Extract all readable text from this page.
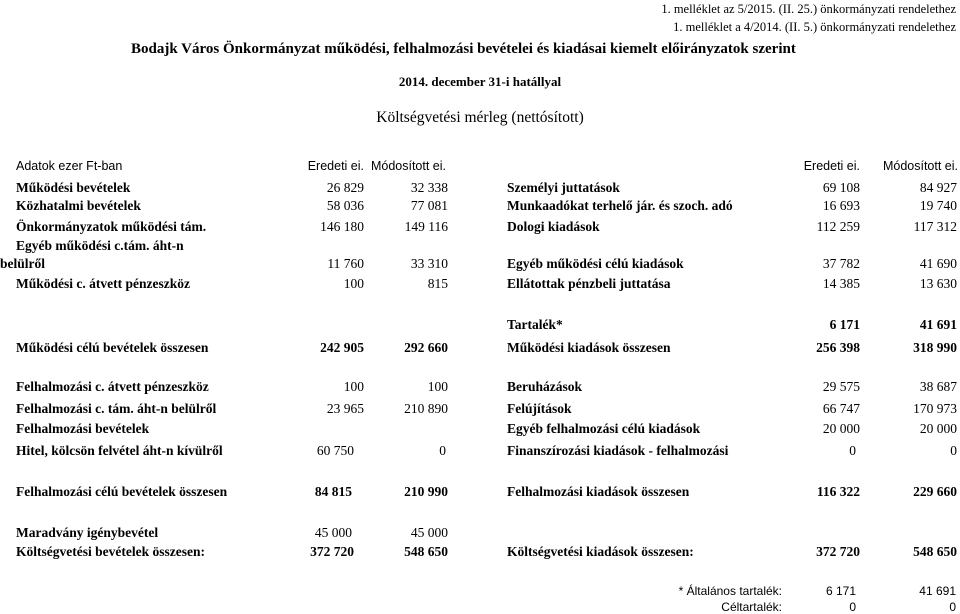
1. melléklet az 5/2015. (II. 25.) önkormányzati rendelethez
1. melléklet a 4/2014. (II. 5.) önkormányzati rendelethez
Bodajk Város Önkormányzat működési, felhalmozási bevételei és kiadásai kiemelt előirányzatok szerint
2014. december 31-i hatállyal
Költségvetési mérleg (nettósított)
Adatok ezer Ft-ban	Eredeti ei. Módosított ei.	Eredeti ei.	Módosított ei.
Működési bevételek	26 829	32 338	Személyi juttatások	69 108	84 927
Közhatalmi bevételek	58 036	77 081	Munkaadókat terhelő jár. és szoch. adó	16 693	19 740
Önkormányzatok működési tám.	146 180	149 116	Dologi kiadások	112 259	117 312
Egyéb működési c.tám. áht-n
belülről	11 760	33 310	Egyéb működési célú kiadások	37 782	41 690
Működési c. átvett pénzeszköz	100	815	Ellátottak pénzbeli juttatása	14 385	13 630
Tartalék*	6 171	41 691
Működési célú bevételek összesen	242 905	292 660	Működési kiadások összesen	256 398	318 990
Felhalmozási c. átvett pénzeszköz	100	100	Beruházások	29 575	38 687
Felhalmozási c. tám. áht-n belülről	23 965	210 890	Felújítások	66 747	170 973
Felhalmozási bevételek	Egyéb felhalmozási célú kiadások	20 000	20 000
Hitel, kölcsön felvétel áht-n kívülről	60 750	0	Finanszírozási kiadások - felhalmozási	0	0
Felhalmozási célú bevételek összesen	84 815	210 990	Felhalmozási kiadások összesen	116 322	229 660
Maradvány igénybevétel	45 000	45 000
Költségvetési bevételek összesen:	372 720	548 650	Költségvetési kiadások összesen:	372 720	548 650
* Általános tartalék:	6 171	41 691
Céltartalék:	0	0
